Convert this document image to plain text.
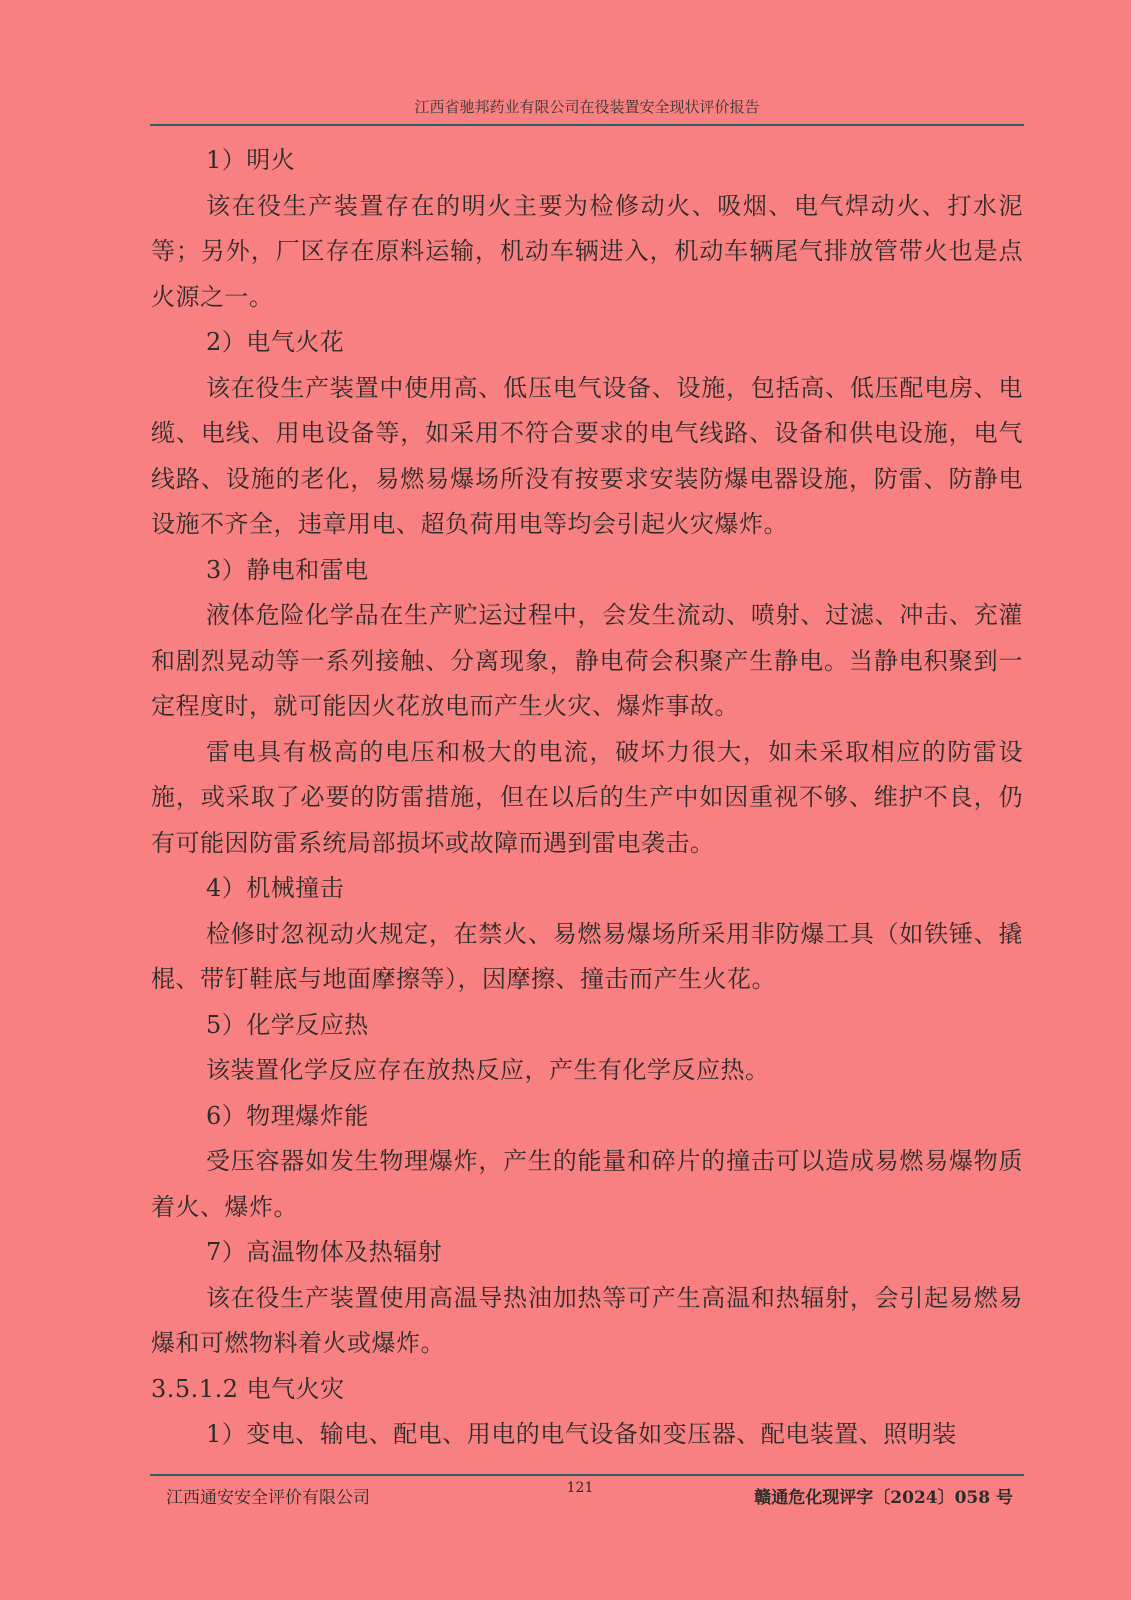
江西省驰邦药业有限公司在役装置安全现状评价报告

1）明火

该在役生产装置存在的明火主要为检修动火、吸烟、电气焊动火、打水泥等；另外，厂区存在原料运输，机动车辆进入，机动车辆尾气排放管带火也是点火源之一。

2）电气火花

该在役生产装置中使用高、低压电气设备、设施，包括高、低压配电房、电缆、电线、用电设备等，如采用不符合要求的电气线路、设备和供电设施，电气线路、设施的老化，易燃易爆场所没有按要求安装防爆电器设施，防雷、防静电设施不齐全，违章用电、超负荷用电等均会引起火灾爆炸。

3）静电和雷电

液体危险化学品在生产贮运过程中，会发生流动、喷射、过滤、冲击、充灌和剧烈晃动等一系列接触、分离现象，静电荷会积聚产生静电。当静电积聚到一定程度时，就可能因火花放电而产生火灾、爆炸事故。

雷电具有极高的电压和极大的电流，破坏力很大，如未采取相应的防雷设施，或采取了必要的防雷措施，但在以后的生产中如因重视不够、维护不良，仍有可能因防雷系统局部损坏或故障而遇到雷电袭击。

4）机械撞击

检修时忽视动火规定，在禁火、易燃易爆场所采用非防爆工具（如铁锤、撬棍、带钉鞋底与地面摩擦等），因摩擦、撞击而产生火花。

5）化学反应热

该装置化学反应存在放热反应，产生有化学反应热。

6）物理爆炸能

受压容器如发生物理爆炸，产生的能量和碎片的撞击可以造成易燃易爆物质着火、爆炸。

7）高温物体及热辐射

该在役生产装置使用高温导热油加热等可产生高温和热辐射，会引起易燃易爆和可燃物料着火或爆炸。

3.5.1.2 电气火灾

1）变电、输电、配电、用电的电气设备如变压器、配电装置、照明装

江西通安安全评价有限公司	121	赣通危化现评字〔2024〕058 号
